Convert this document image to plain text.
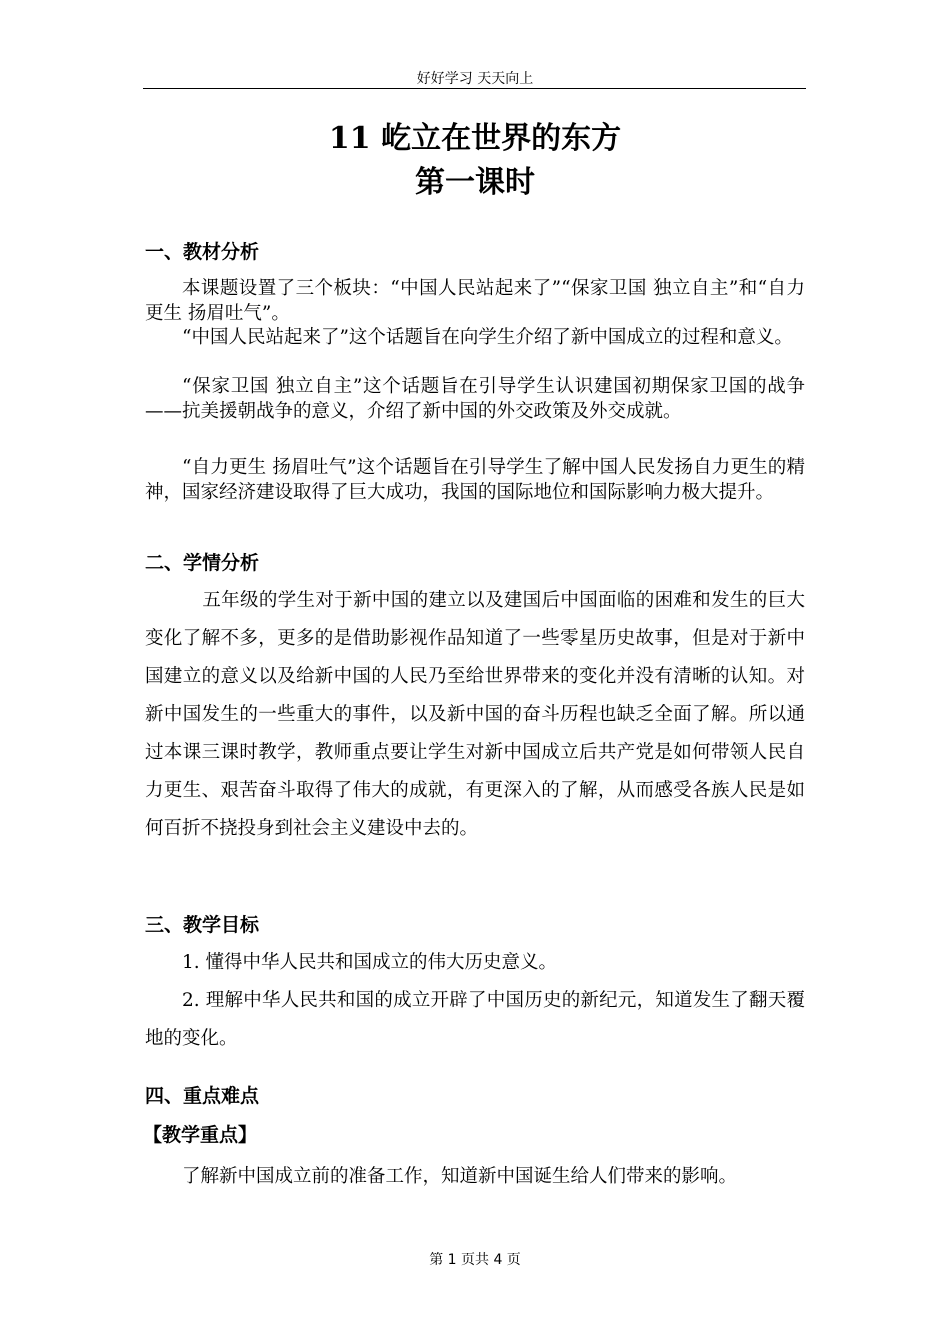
好好学习 天天向上
11 屹立在世界的东方
第一课时
一、教材分析
本课题设置了三个板块：“中国人民站起来了”“保家卫国 独立自主”和“自力更生 扬眉吐气”。
“中国人民站起来了”这个话题旨在向学生介绍了新中国成立的过程和意义。
“保家卫国 独立自主”这个话题旨在引导学生认识建国初期保家卫国的战争——抗美援朝战争的意义，介绍了新中国的外交政策及外交成就。
“自力更生 扬眉吐气”这个话题旨在引导学生了解中国人民发扬自力更生的精神，国家经济建设取得了巨大成功，我国的国际地位和国际影响力极大提升。
二、学情分析
五年级的学生对于新中国的建立以及建国后中国面临的困难和发生的巨大变化了解不多，更多的是借助影视作品知道了一些零星历史故事，但是对于新中国建立的意义以及给新中国的人民乃至给世界带来的变化并没有清晰的认知。对新中国发生的一些重大的事件，以及新中国的奋斗历程也缺乏全面了解。所以通过本课三课时教学，教师重点要让学生对新中国成立后共产党是如何带领人民自力更生、艰苦奋斗取得了伟大的成就，有更深入的了解，从而感受各族人民是如何百折不挠投身到社会主义建设中去的。
三、教学目标
1. 懂得中华人民共和国成立的伟大历史意义。
2. 理解中华人民共和国的成立开辟了中国历史的新纪元，知道发生了翻天覆地的变化。
四、重点难点
【教学重点】
了解新中国成立前的准备工作，知道新中国诞生给人们带来的影响。
第 1 页共 4 页
